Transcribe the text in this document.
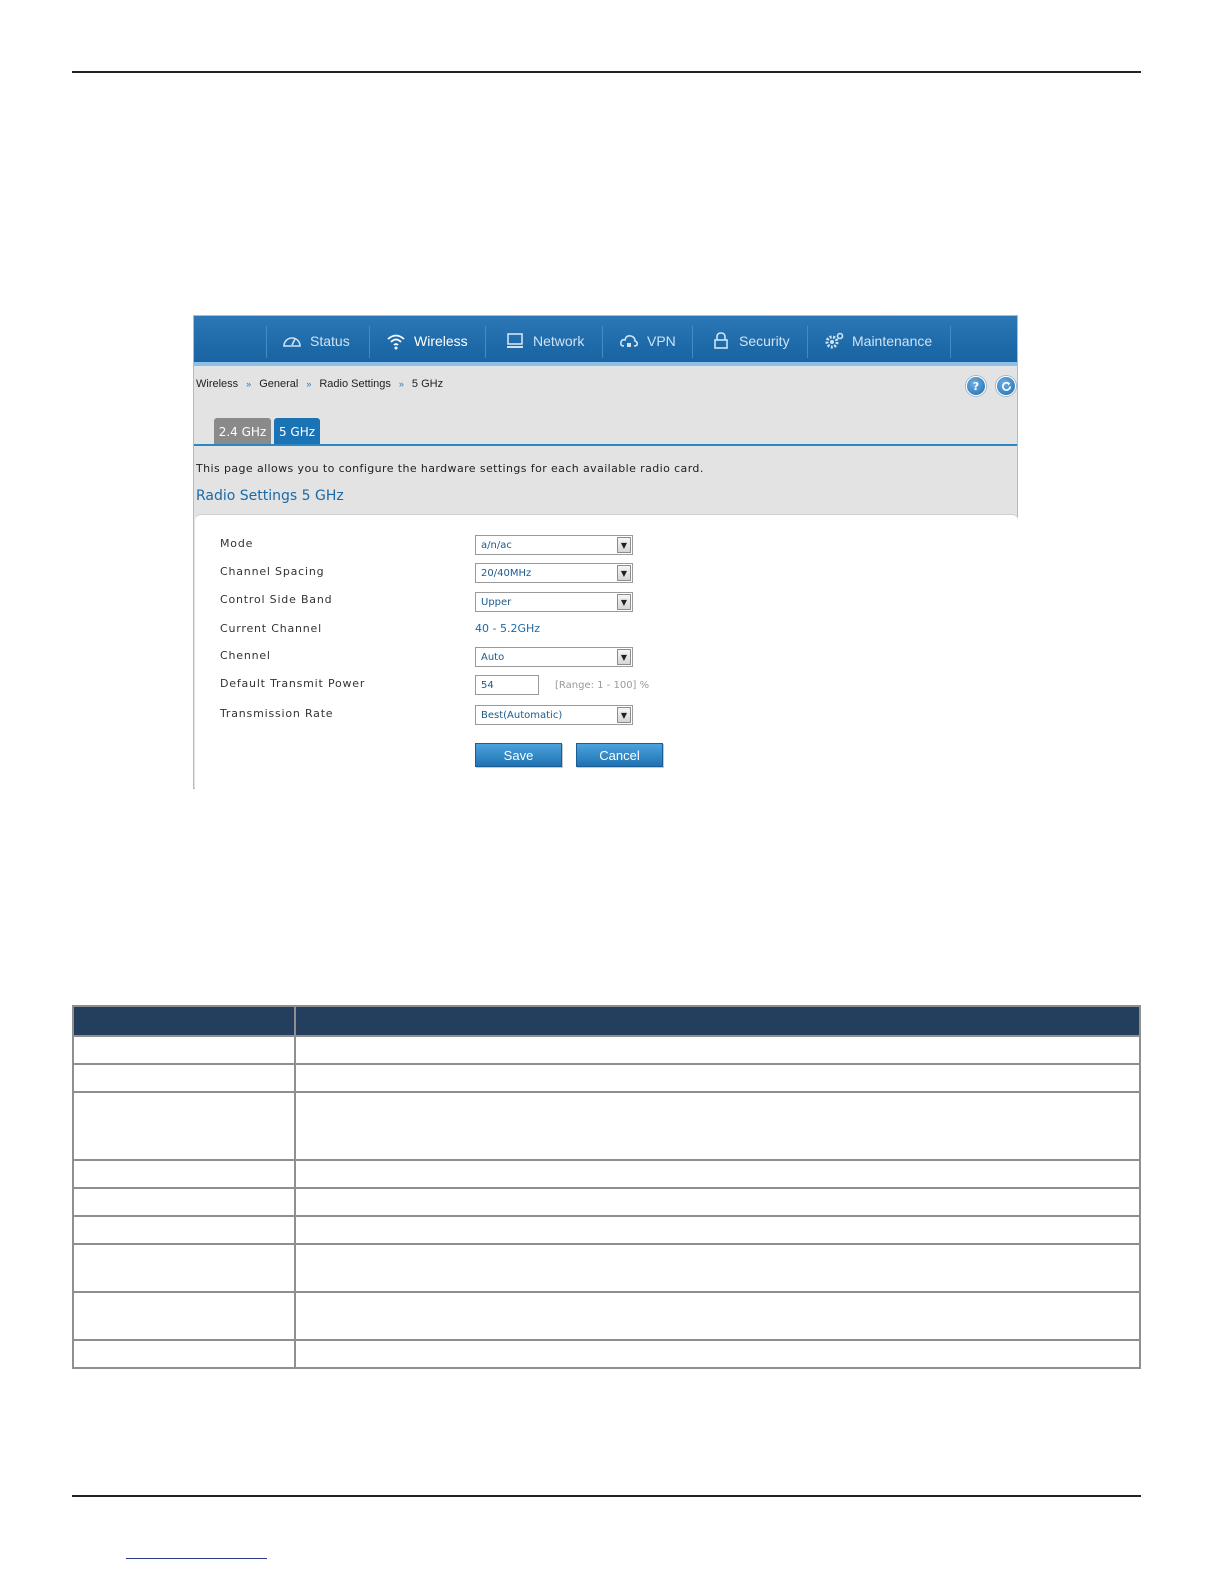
Status	Wireless	Network	VPN	Security	Maintenance
Wireless » General » Radio Settings » 5 GHz	?
2.4 GHz 5 GHz
This page allows you to configure the hardware settings for each available radio card.
Radio Settings 5 GHz
Mode	a/n/ac	▼
Channel Spacing	20/40MHz	▼
Control Side Band	Upper	▼
Current Channel	40 - 5.2GHz
Chennel	Auto	▼
Default Transmit Power	54	[Range: 1 - 100] %
Transmission Rate	Best(Automatic)	▼
Save	Cancel
